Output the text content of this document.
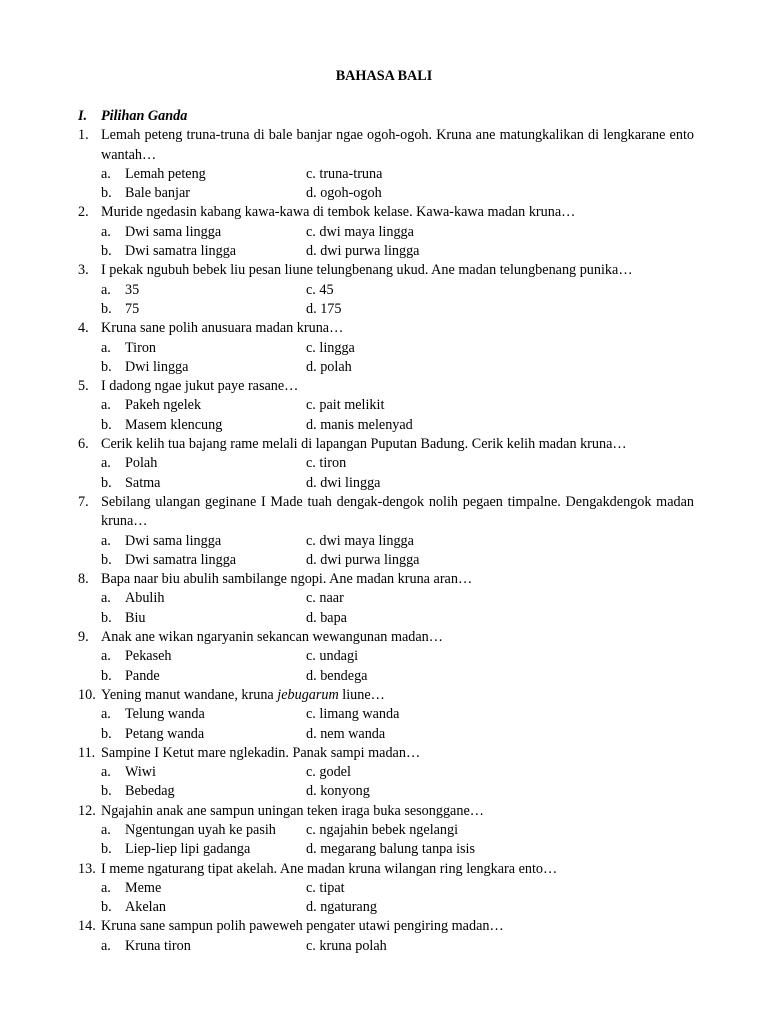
BAHASA BALI
I. Pilihan Ganda
1. Lemah peteng truna-truna di bale banjar ngae ogoh-ogoh. Kruna ane matungkalikan di lengkarane ento wantah…
a. Lemah peteng	c. truna-truna
b. Bale banjar	d. ogoh-ogoh
2. Muride ngedasin kabang kawa-kawa di tembok kelase. Kawa-kawa madan kruna…
a. Dwi sama lingga	c. dwi maya lingga
b. Dwi samatra lingga	d. dwi purwa lingga
3. I pekak ngubuh bebek liu pesan liune telungbenang ukud. Ane madan telungbenang punika…
a. 35	c. 45
b. 75	d. 175
4. Kruna sane polih anusuara madan kruna…
a. Tiron	c. lingga
b. Dwi lingga	d. polah
5. I dadong ngae jukut paye rasane…
a. Pakeh ngelek	c. pait melikit
b. Masem klencung	d. manis melenyad
6. Cerik kelih tua bajang rame melali di lapangan Puputan Badung. Cerik kelih madan kruna…
a. Polah	c. tiron
b. Satma	d. dwi lingga
7. Sebilang ulangan geginane I Made tuah dengak-dengok nolih pegaen timpalne. Dengakdengok madan kruna…
a. Dwi sama lingga	c. dwi maya lingga
b. Dwi samatra lingga	d. dwi purwa lingga
8. Bapa naar biu abulih sambilange ngopi. Ane madan kruna aran…
a. Abulih	c. naar
b. Biu	d. bapa
9. Anak ane wikan ngaryanin sekancan wewangunan madan…
a. Pekaseh	c. undagi
b. Pande	d. bendega
10. Yening manut wandane, kruna jebugarum liune…
a. Telung wanda	c. limang wanda
b. Petang wanda	d. nem wanda
11. Sampine I Ketut mare nglekadin. Panak sampi madan…
a. Wiwi	c. godel
b. Bebedag	d. konyong
12. Ngajahin anak ane sampun uningan teken iraga buka sesonggane…
a. Ngentungan uyah ke pasih c. ngajahin bebek ngelangi
b. Liep-liep lipi gadanga	d. megarang balung tanpa isis
13. I meme ngaturang tipat akelah. Ane madan kruna wilangan ring lengkara ento…
a. Meme	c. tipat
b. Akelan	d. ngaturang
14. Kruna sane sampun polih paweweh pengater utawi pengiring madan…
a. Kruna tiron	c. kruna polah
